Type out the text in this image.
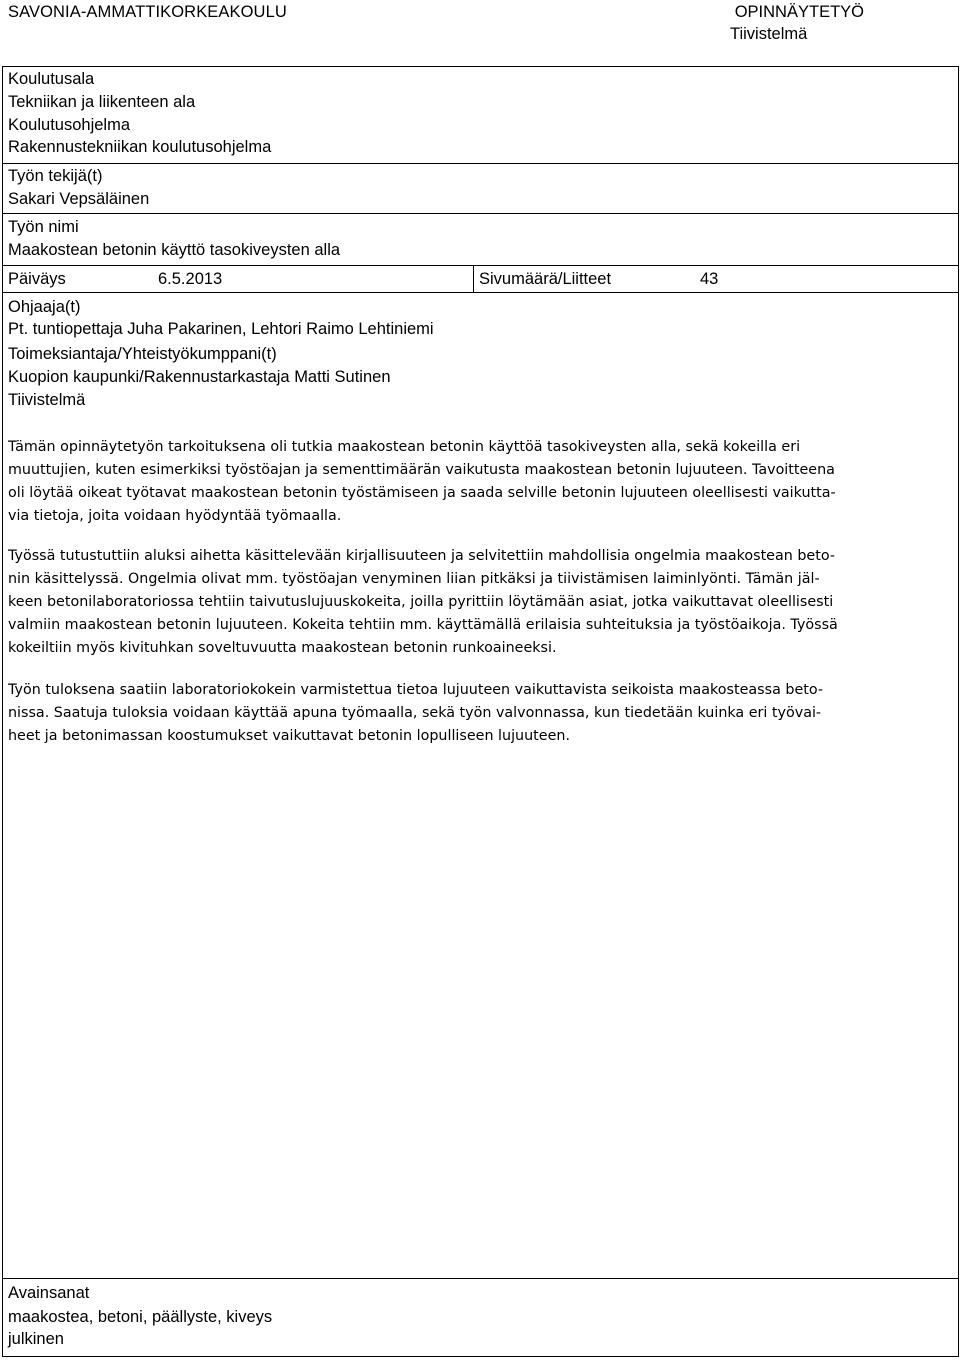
SAVONIA-AMMATTIKORKEAKOULU	OPINNÄYTETYÖ
Tiivistelmä
Koulutusala
Tekniikan ja liikenteen ala
Koulutusohjelma
Rakennustekniikan koulutusohjelma
Työn tekijä(t)
Sakari Vepsäläinen
Työn nimi
Maakostean betonin käyttö tasokiveysten alla
Päiväys	6.5.2013	Sivumäärä/Liitteet	43
Ohjaaja(t)
Pt. tuntiopettaja Juha Pakarinen, Lehtori Raimo Lehtiniemi
Toimeksiantaja/Yhteistyökumppani(t)
Kuopion kaupunki/Rakennustarkastaja Matti Sutinen
Tiivistelmä

Tämän opinnäytetyön tarkoituksena oli tutkia maakostean betonin käyttöä tasokiveysten alla, sekä kokeilla eri
muuttujien, kuten esimerkiksi työstöajan ja sementtimäärän vaikutusta maakostean betonin lujuuteen. Tavoitteena
oli löytää oikeat työtavat maakostean betonin työstämiseen ja saada selville betonin lujuuteen oleellisesti vaikutta-
via tietoja, joita voidaan hyödyntää työmaalla.

Työssä tutustuttiin aluksi aihetta käsittelevään kirjallisuuteen ja selvitettiin mahdollisia ongelmia maakostean beto-
nin käsittelyssä. Ongelmia olivat mm. työstöajan venyminen liian pitkäksi ja tiivistämisen laiminlyönti. Tämän jäl-
keen betonilaboratoriossa tehtiin taivutuslujuuskokeita, joilla pyrittiin löytämään asiat, jotka vaikuttavat oleellisesti
valmiin maakostean betonin lujuuteen. Kokeita tehtiin mm. käyttämällä erilaisia suhteituksia ja työstöaikoja. Työssä
kokeiltiin myös kivituhkan soveltuvuutta maakostean betonin runkoaineeksi.

Työn tuloksena saatiin laboratoriokokein varmistettua tietoa lujuuteen vaikuttavista seikoista maakosteassa beto-
nissa. Saatuja tuloksia voidaan käyttää apuna työmaalla, sekä työn valvonnassa, kun tiedetään kuinka eri työvai-
heet ja betonimassan koostumukset vaikuttavat betonin lopulliseen lujuuteen.

Avainsanat
maakostea, betoni, päällyste, kiveys
julkinen
